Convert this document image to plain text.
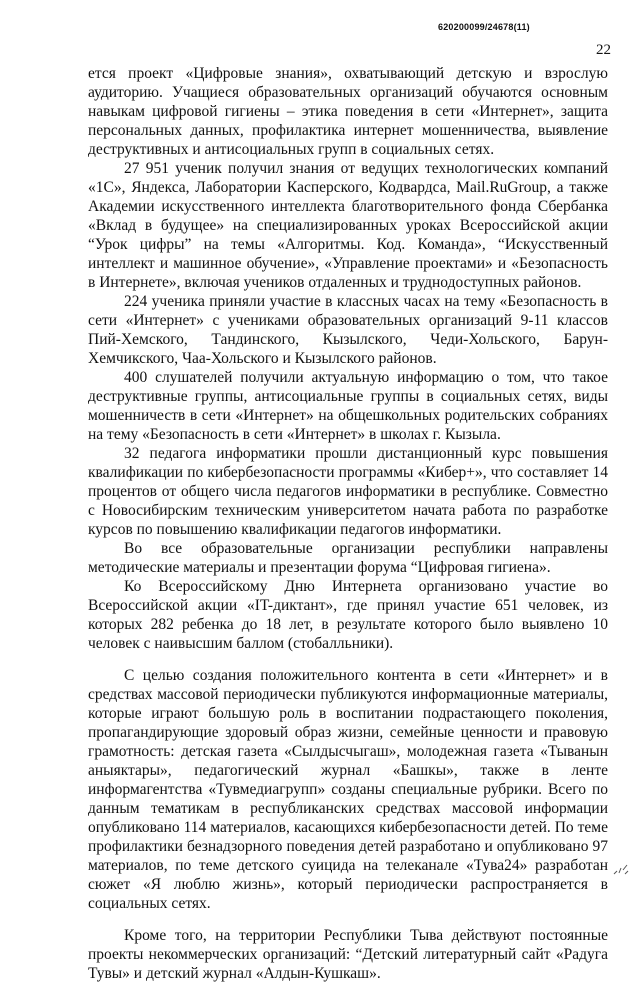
620200099/24678(11)
22

ется проект «Цифровые знания», охватывающий детскую и взрослую аудиторию. Учащиеся образовательных организаций обучаются основным навыкам цифровой гигиены – этика поведения в сети «Интернет», защита персональных данных, профилактика интернет мошенничества, выявление деструктивных и антисоциальных групп в социальных сетях.

27 951 ученик получил знания от ведущих технологических компаний «1С», Яндекса, Лаборатории Касперского, Кодвардса, Mail.RuGroup, а также Академии искусственного интеллекта благотворительного фонда Сбербанка «Вклад в будущее» на специализированных уроках Всероссийской акции “Урок цифры” на темы «Алгоритмы. Код. Команда», “Искусственный интеллект и машинное обучение», «Управление проектами» и «Безопасность в Интернете», включая учеников отдаленных и труднодоступных районов.

224 ученика приняли участие в классных часах на тему «Безопасность в сети «Интернет» с учениками образовательных организаций 9-11 классов Пий-Хемского, Тандинского, Кызылского, Чеди-Хольского, Барун-Хемчикского, Чаа-Хольского и Кызылского районов.

400 слушателей получили актуальную информацию о том, что такое деструктивные группы, антисоциальные группы в социальных сетях, виды мошенничеств в сети «Интернет» на общешкольных родительских собраниях на тему «Безопасность в сети «Интернет» в школах г. Кызыла.

32 педагога информатики прошли дистанционный курс повышения квалификации по кибербезопасности программы «Кибер+», что составляет 14 процентов от общего числа педагогов информатики в республике. Совместно с Новосибирским техническим университетом начата работа по разработке курсов по повышению квалификации педагогов информатики.

Во все образовательные организации республики направлены методические материалы и презентации форума “Цифровая гигиена».

Ко Всероссийскому Дню Интернета организовано участие во Всероссийской акции «IT-диктант», где принял участие 651 человек, из которых 282 ребенка до 18 лет, в результате которого было выявлено 10 человек с наивысшим баллом (стобалльники).

С целью создания положительного контента в сети «Интернет» и в средствах массовой периодически публикуются информационные материалы, которые играют большую роль в воспитании подрастающего поколения, пропагандирующие здоровый образ жизни, семейные ценности и правовую грамотность: детская газета «Сылдысчыгаш», молодежная газета «Тыванын аныяктары», педагогический журнал «Башкы», также в ленте информагентства «Тувмедиагрупп» созданы специальные рубрики. Всего по данным тематикам в республиканских средствах массовой информации опубликовано 114 материалов, касающихся кибербезопасности детей. По теме профилактики безнадзорного поведения детей разработано и опубликовано 97 материалов, по теме детского суицида на телеканале «Тува24» разработан сюжет «Я люблю жизнь», который периодически распространяется в социальных сетях.

Кроме того, на территории Республики Тыва действуют постоянные проекты некоммерческих организаций: “Детский литературный сайт «Радуга Тувы» и детский журнал «Алдын-Кушкаш».
